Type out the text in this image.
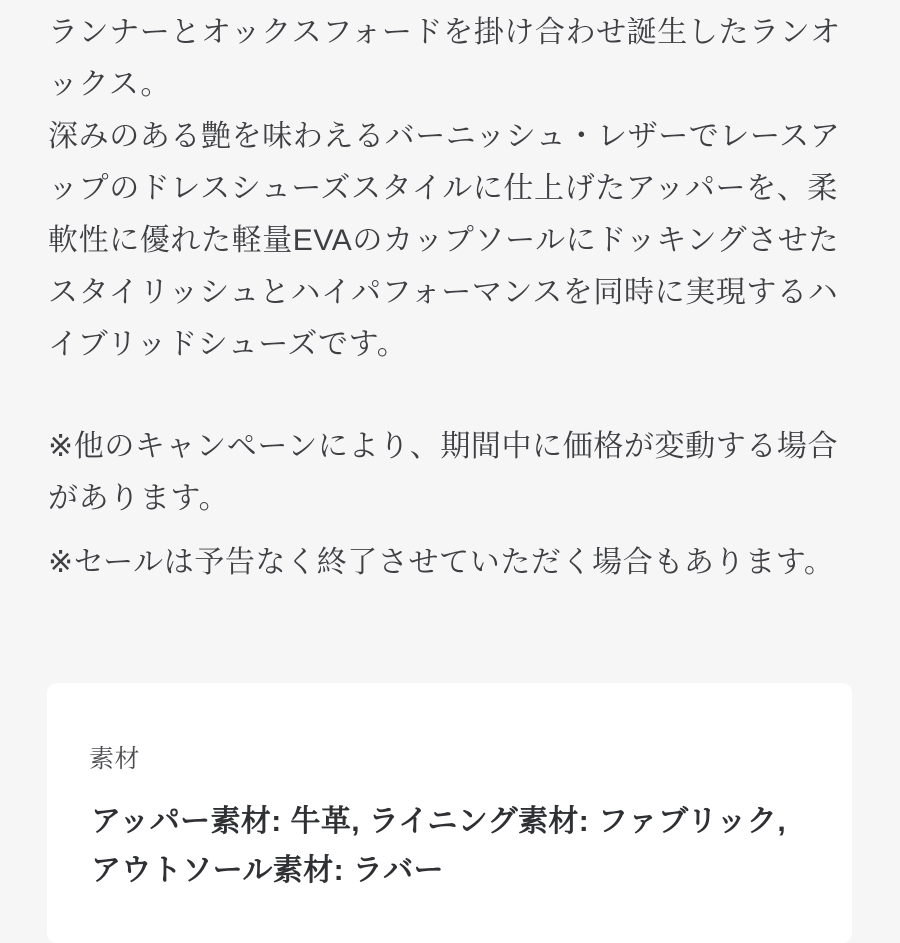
ランナーとオックスフォードを掛け合わせ誕生したランオックス。

深みのある艶を味わえるバーニッシュ・レザーでレースアップのドレスシューズスタイルに仕上げたアッパーを、柔軟性に優れた軽量EVAのカップソールにドッキングさせたスタイリッシュとハイパフォーマンスを同時に実現するハイブリッドシューズです。

※他のキャンペーンにより、期間中に価格が変動する場合があります。

※セールは予告なく終了させていただく場合もあります。

素材

アッパー素材: 牛革, ライニング素材: ファブリック, アウトソール素材: ラバー
